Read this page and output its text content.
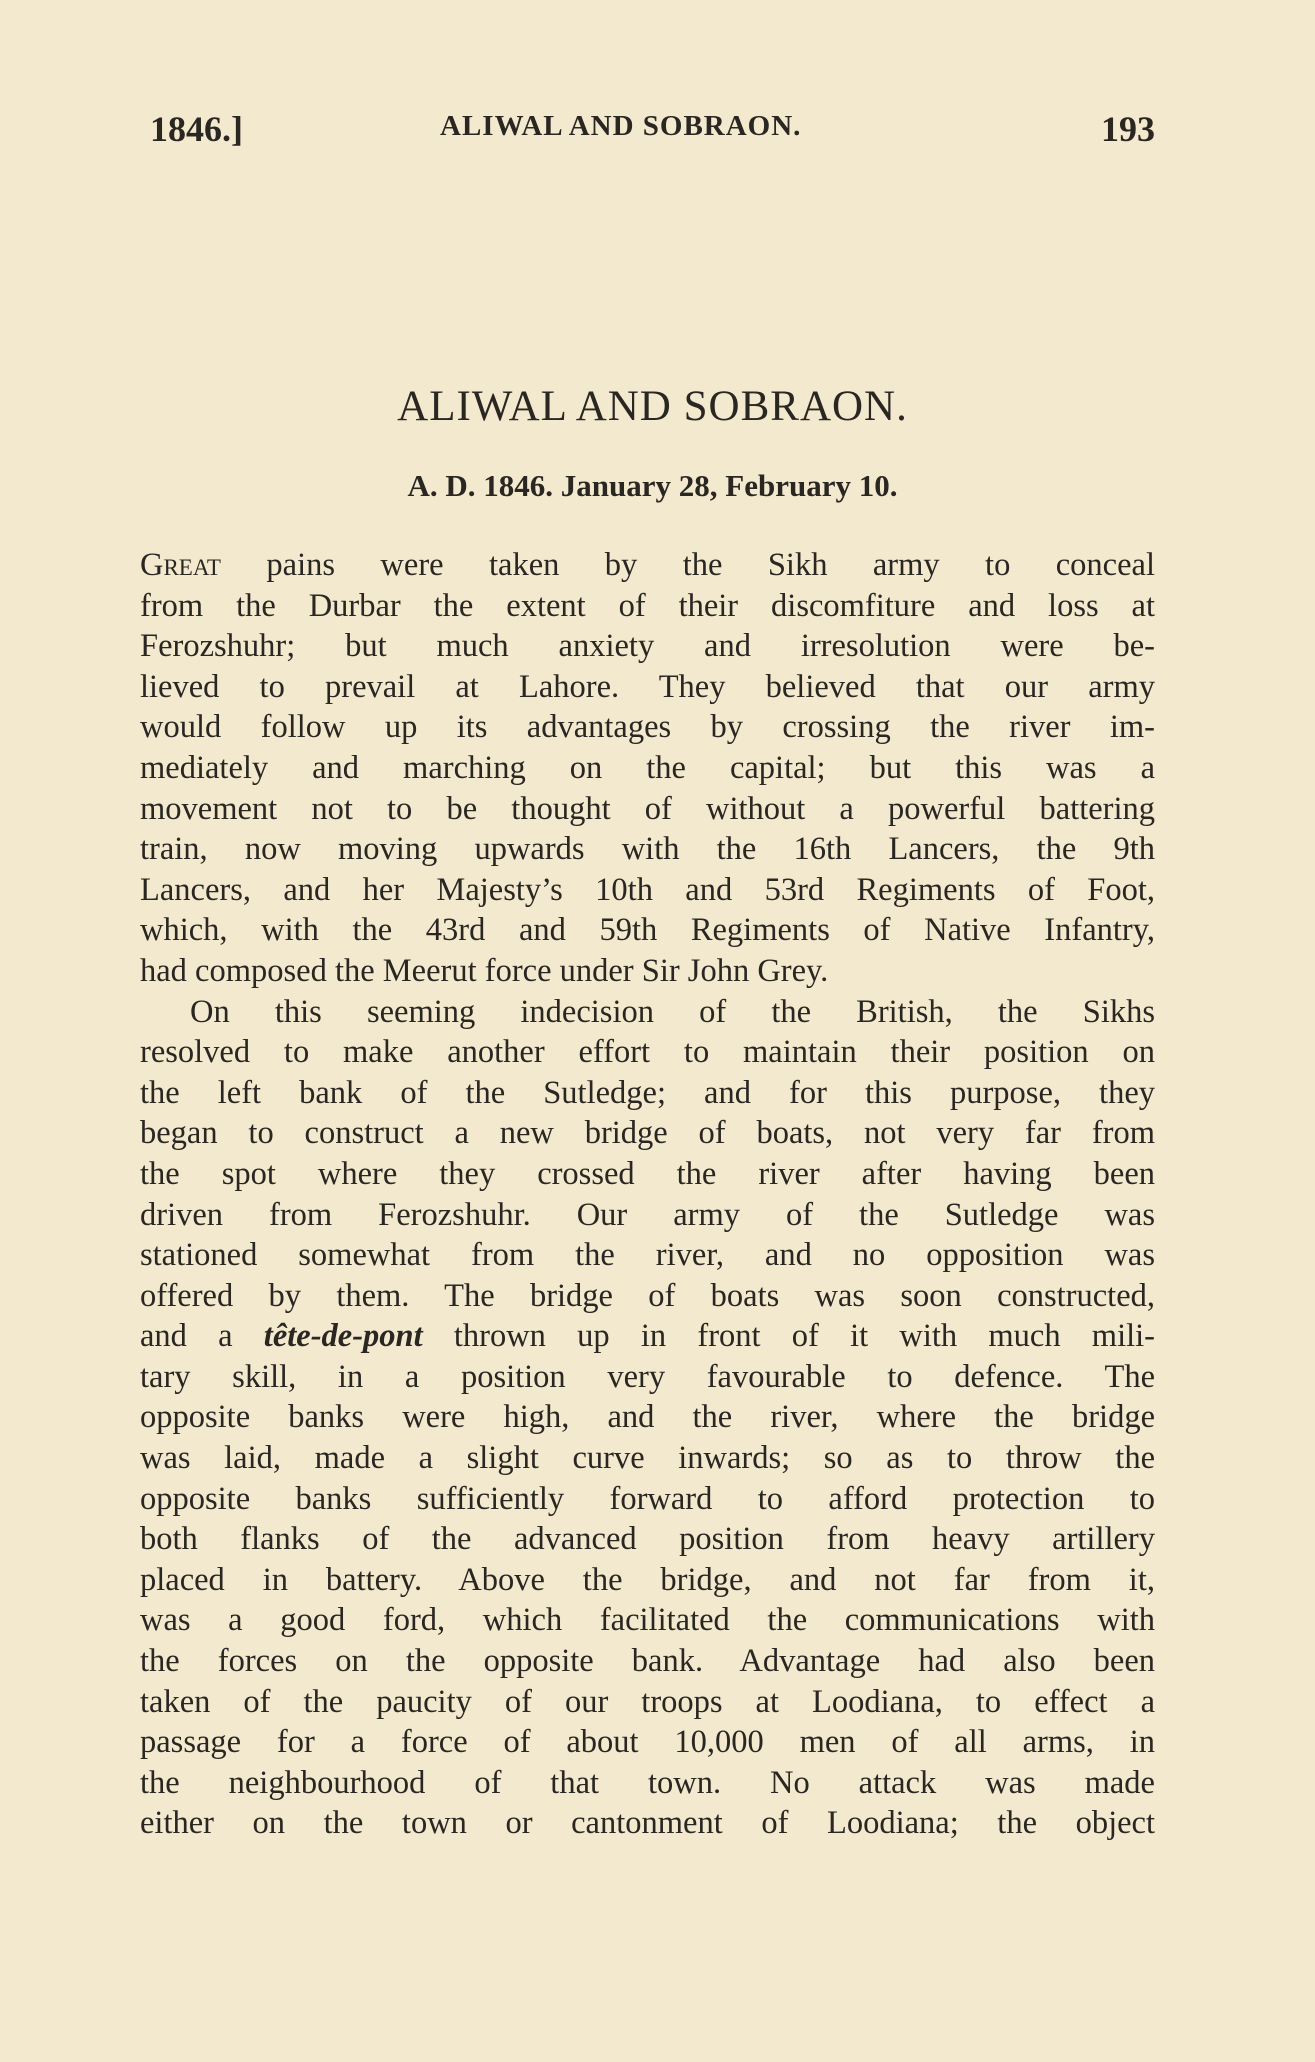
1846.]	ALIWAL AND SOBRAON.	193
ALIWAL AND SOBRAON.
A. D. 1846. January 28, February 10.
Great pains were taken by the Sikh army to conceal
from the Durbar the extent of their discomfiture and loss at
Ferozshuhr; but much anxiety and irresolution were be-
lieved to prevail at Lahore. They believed that our army
would follow up its advantages by crossing the river im-
mediately and marching on the capital; but this was a
movement not to be thought of without a powerful battering
train, now moving upwards with the 16th Lancers, the 9th
Lancers, and her Majesty’s 10th and 53rd Regiments of Foot,
which, with the 43rd and 59th Regiments of Native Infantry,
had composed the Meerut force under Sir John Grey.
On this seeming indecision of the British, the Sikhs
resolved to make another effort to maintain their position on
the left bank of the Sutledge; and for this purpose, they
began to construct a new bridge of boats, not very far from
the spot where they crossed the river after having been
driven from Ferozshuhr. Our army of the Sutledge was
stationed somewhat from the river, and no opposition was
offered by them. The bridge of boats was soon constructed,
and a tête-de-pont thrown up in front of it with much mili-
tary skill, in a position very favourable to defence. The
opposite banks were high, and the river, where the bridge
was laid, made a slight curve inwards; so as to throw the
opposite banks sufficiently forward to afford protection to
both flanks of the advanced position from heavy artillery
placed in battery. Above the bridge, and not far from it,
was a good ford, which facilitated the communications with
the forces on the opposite bank. Advantage had also been
taken of the paucity of our troops at Loodiana, to effect a
passage for a force of about 10,000 men of all arms, in
the neighbourhood of that town. No attack was made
either on the town or cantonment of Loodiana; the object
